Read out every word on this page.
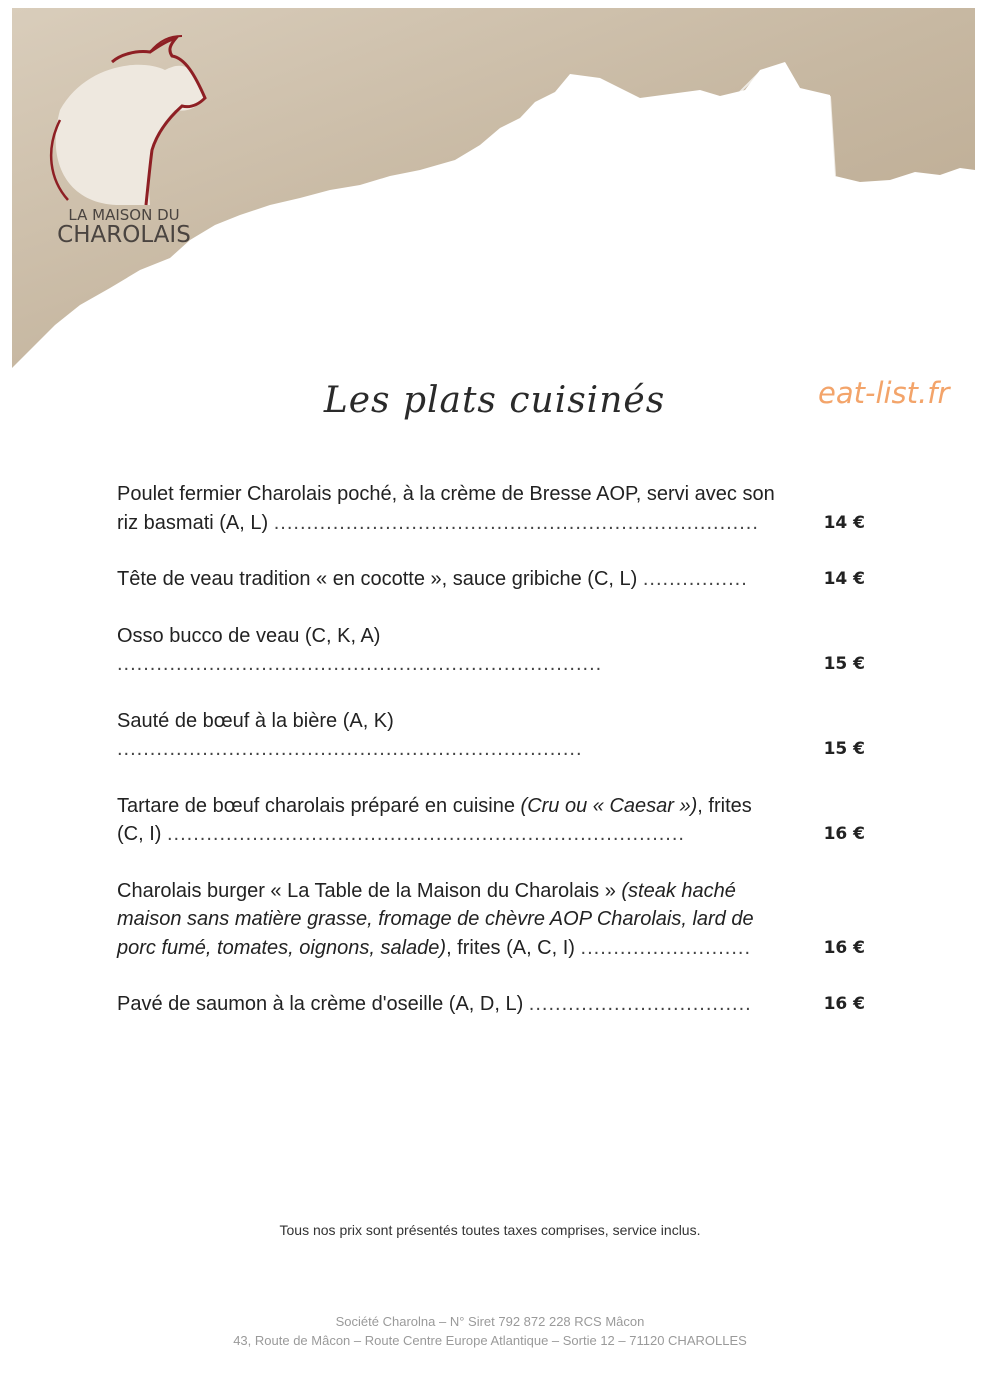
LA MAISON DU
CHAROLAIS
Les plats cuisinés	eat-list.fr
Poulet fermier Charolais poché, à la crème de Bresse AOP, servi avec son riz basmati (A, L) ..........................................................................	14 €
Tête de veau tradition « en cocotte », sauce gribiche (C, L) ................	14 €
Osso bucco de veau (C, K, A) ..........................................................................	15 €
Sauté de bœuf à la bière (A, K) .......................................................................	15 €
Tartare de bœuf charolais préparé en cuisine (Cru ou « Caesar »), frites (C, I) ...............................................................................	16 €
Charolais burger « La Table de la Maison du Charolais » (steak haché maison sans matière grasse, fromage de chèvre AOP Charolais, lard de porc fumé, tomates, oignons, salade), frites (A, C, I) ..........................	16 €
Pavé de saumon à la crème d'oseille (A, D, L) ..................................	16 €
Tous nos prix sont présentés toutes taxes comprises, service inclus.
Société Charolna – N° Siret 792 872 228 RCS Mâcon
43, Route de Mâcon – Route Centre Europe Atlantique – Sortie 12 – 71120 CHAROLLES
